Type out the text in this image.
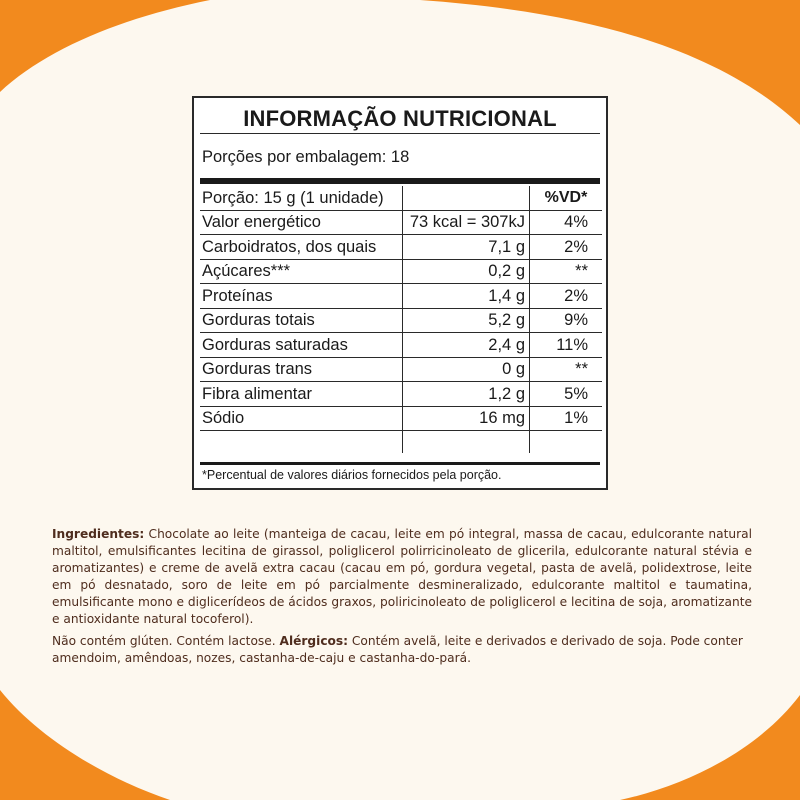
INFORMAÇÃO NUTRICIONAL
Porções por embalagem: 18
Porção: 15 g (1 unidade)		%VD*
Valor energético	73 kcal = 307kJ	4%
Carboidratos, dos quais	7,1 g	2%
Açúcares***	0,2 g	**
Proteínas	1,4 g	2%
Gorduras totais	5,2 g	9%
Gorduras saturadas	2,4 g	11%
Gorduras trans	0 g	**
Fibra alimentar	1,2 g	5%
Sódio	16 mg	1%

*Percentual de valores diários fornecidos pela porção.
Ingredientes: Chocolate ao leite (manteiga de cacau, leite em pó integral, massa de cacau, edulcorante natural maltitol, emulsificantes lecitina de girassol, poliglicerol polirricinoleato de glicerila, edulcorante natural stévia e aromatizantes) e creme de avelã extra cacau (cacau em pó, gordura vegetal, pasta de avelã, polidextrose, leite em pó desnatado, soro de leite em pó parcialmente desmineralizado, edulcorante maltitol e taumatina, emulsificante mono e diglicerídeos de ácidos graxos, poliricinoleato de poliglicerol e lecitina de soja, aromatizante e antioxidante natural tocoferol).
Não contém glúten. Contém lactose. Alérgicos: Contém avelã, leite e derivados e derivado de soja. Pode conter amendoim, amêndoas, nozes, castanha-de-caju e castanha-do-pará.
